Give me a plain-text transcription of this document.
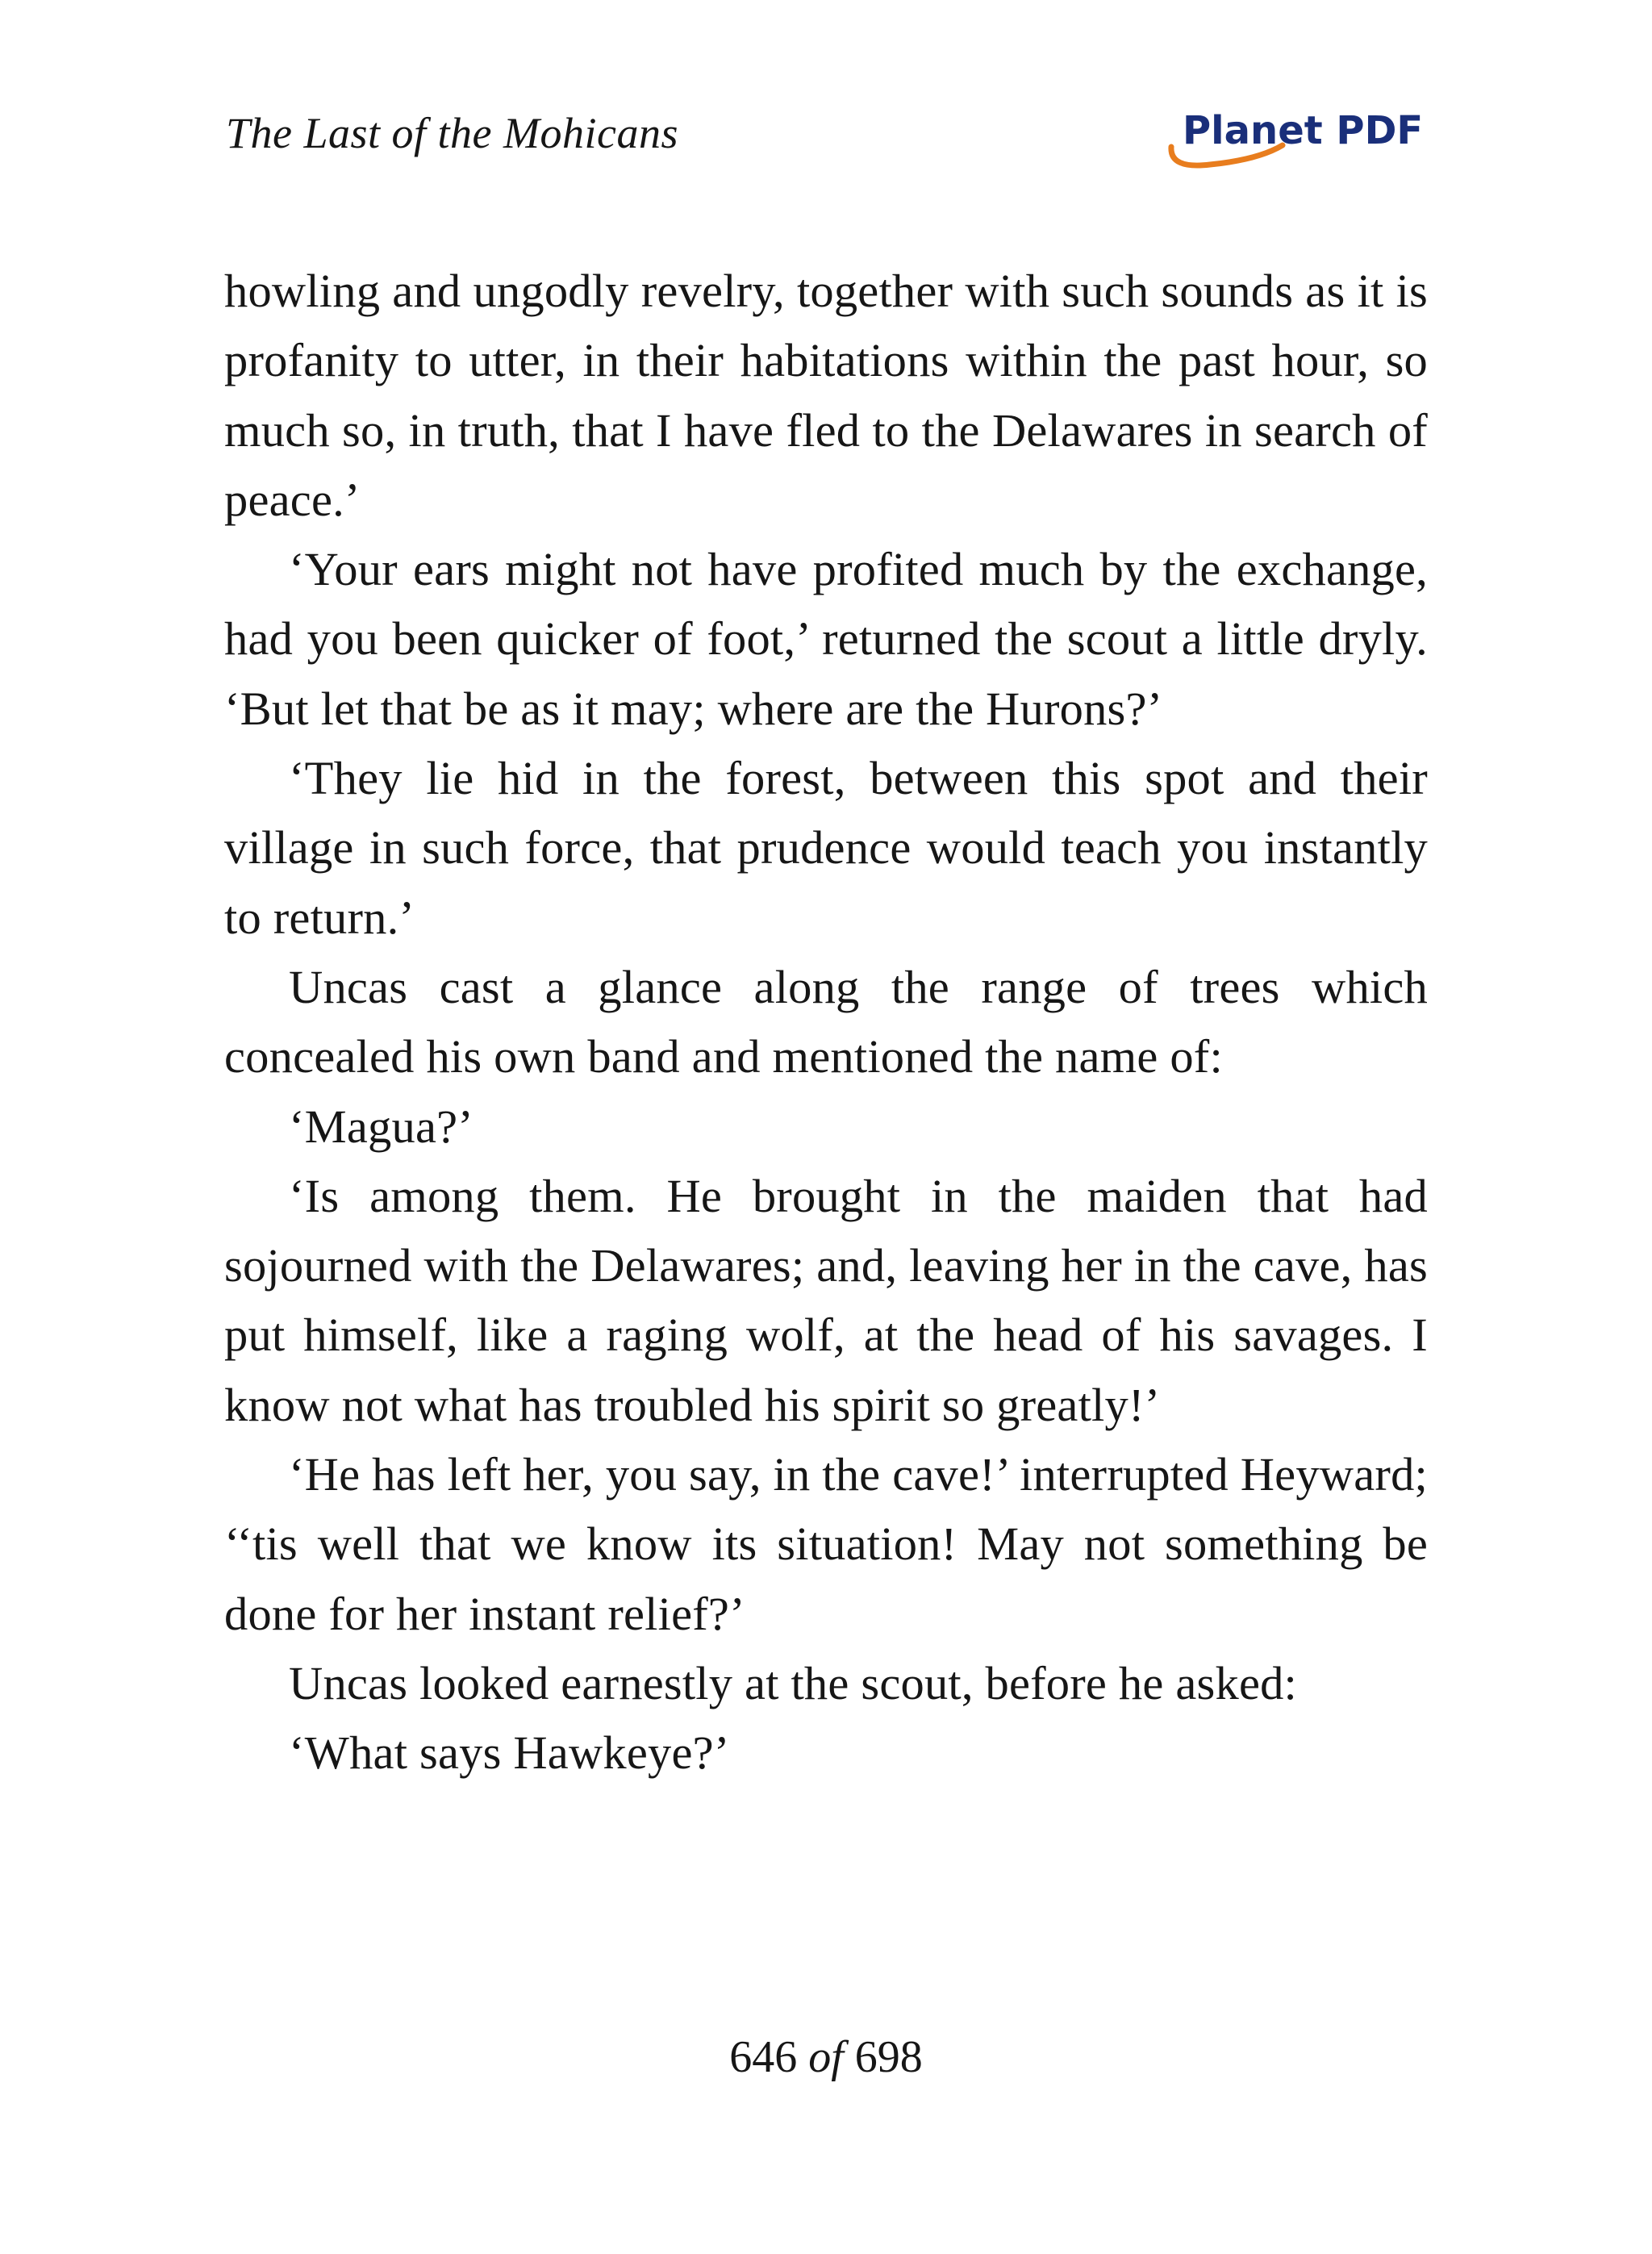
The Last of the Mohicans	Planet PDF

howling and ungodly revelry, together with such sounds as it is profanity to utter, in their habitations within the past hour, so much so, in truth, that I have fled to the Delawares in search of peace.’

‘Your ears might not have profited much by the exchange, had you been quicker of foot,’ returned the scout a little dryly. ‘But let that be as it may; where are the Hurons?’

‘They lie hid in the forest, between this spot and their village in such force, that prudence would teach you instantly to return.’

Uncas cast a glance along the range of trees which concealed his own band and mentioned the name of:

‘Magua?’

‘Is among them. He brought in the maiden that had sojourned with the Delawares; and, leaving her in the cave, has put himself, like a raging wolf, at the head of his savages. I know not what has troubled his spirit so greatly!’

‘He has left her, you say, in the cave!’ interrupted Heyward; ‘‘tis well that we know its situation! May not something be done for her instant relief?’

Uncas looked earnestly at the scout, before he asked:

‘What says Hawkeye?’

646 of 698
